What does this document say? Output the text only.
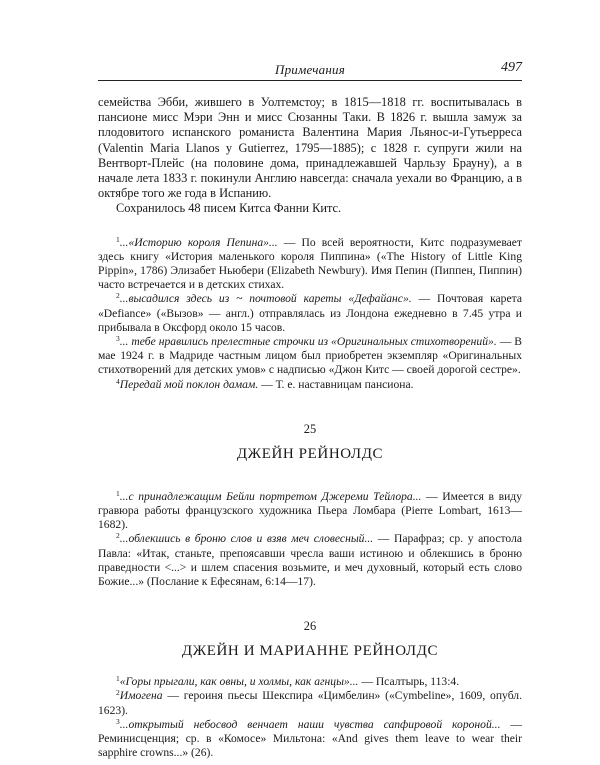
Примечания	497

семейства Эбби, жившего в Уолтемстоу; в 1815—1818 гг. воспитывалась в пансионе мисс Мэри Энн и мисс Сюзанны Таки. В 1826 г. вышла замуж за плодовитого испанского романиста Валентина Мария Льянос-и-Гутьерреса (Valentin Maria Llanos y Gutierrez, 1795—1885); с 1828 г. супруги жили на Вентворт-Плейс (на половине дома, принадлежавшей Чарльзу Брауну), а в начале лета 1833 г. покинули Англию навсегда: сначала уехали во Францию, а в октябре того же года в Испанию.

Сохранилось 48 писем Китса Фанни Китс.

$^1$...«Историю короля Пепина»... — По всей вероятности, Китс подразумевает здесь книгу «История маленького короля Пиппина» («The History of Little King Pippin», 1786) Элизабет Ньюбери (Elizabeth Newbury). Имя Пепин (Пиппен, Пиппин) часто встречается и в детских стихах.

$^2$...высадился здесь из ~ почтовой кареты «Дефайанс». — Почтовая карета «Defiance» («Вызов» — англ.) отправлялась из Лондона ежедневно в 7.45 утра и прибывала в Оксфорд около 15 часов.

$^3$... тебе нравились прелестные строчки из «Оригинальных стихотворений». — В мае 1924 г. в Мадриде частным лицом был приобретен экземпляр «Оригинальных стихотворений для детских умов» с надписью «Джон Китс — своей дорогой сестре».

$^4$Передай мой поклон дамам. — Т. е. наставницам пансиона.

25
ДЖЕЙН РЕЙНОЛДС

$^1$...с принадлежащим Бейли портретом Джереми Тейлора... — Имеется в виду гравюра работы французского художника Пьера Ломбара (Pierre Lombart, 1613—1682).

$^2$...облекшись в броню слов и взяв меч словесный... — Парафраз; ср. у апостола Павла: «Итак, станьте, препоясавши чресла ваши истиною и облекшись в броню праведности <...> и шлем спасения возьмите, и меч духовный, который есть слово Божие...» (Послание к Ефесянам, 6:14—17).

26
ДЖЕЙН И МАРИАННЕ РЕЙНОЛДС

$^1$«Горы прыгали, как овны, и холмы, как агнцы»... — Псалтырь, 113:4.

$^2$Имогена — героиня пьесы Шекспира «Цимбелин» («Cymbeline», 1609, опубл. 1623).

$^3$...открытый небосвод венчает наши чувства сапфировой короной... — Реминисценция; ср. в «Комосе» Мильтона: «And gives them leave to wear their sapphire crowns...» (26).
